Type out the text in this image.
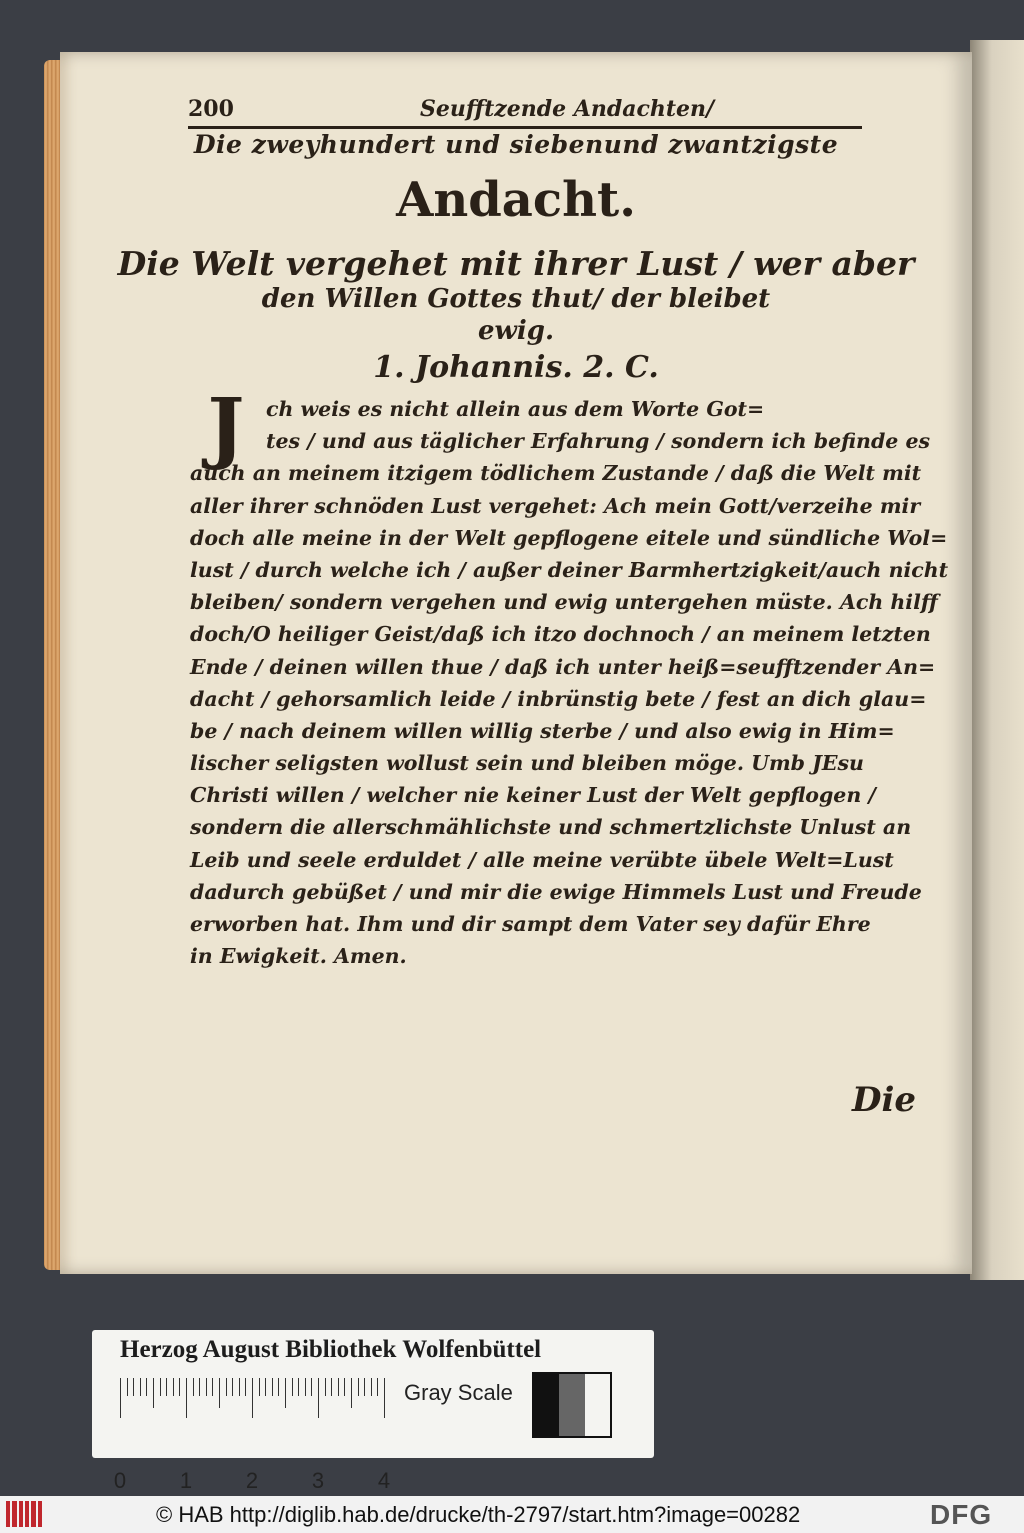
200	Seufftzende Andachten/
Die zweyhundert und siebenund zwantzigste
Andacht.
Die Welt vergehet mit ihrer Lust / wer aber
den Willen Gottes thut/ der bleibet
ewig.
1. Johannis. 2. C.
J	ch weis es nicht allein aus dem Worte Got=
tes / und aus täglicher Erfahrung / sondern ich befinde es
auch an meinem itzigem tödlichem Zustande / daß die Welt mit
aller ihrer schnöden Lust vergehet: Ach mein Gott/verzeihe mir
doch alle meine in der Welt gepflogene eitele und sündliche Wol=
lust / durch welche ich / außer deiner Barmhertzigkeit/auch nicht
bleiben/ sondern vergehen und ewig untergehen müste. Ach hilff
doch/O heiliger Geist/daß ich itzo dochnoch / an meinem letzten
Ende / deinen willen thue / daß ich unter heiß=seufftzender An=
dacht / gehorsamlich leide / inbrünstig bete / fest an dich glau=
be / nach deinem willen willig sterbe / und also ewig in Him=
lischer seligsten wollust sein und bleiben möge. Umb JEsu
Christi willen / welcher nie keiner Lust der Welt gepflogen /
sondern die allerschmählichste und schmertzlichste Unlust an
Leib und seele erduldet / alle meine verübte übele Welt=Lust
dadurch gebüßet / und mir die ewige Himmels Lust und Freude
erworben hat. Ihm und dir sampt dem Vater sey dafür Ehre
in Ewigkeit. Amen.
Die
Herzog August Bibliothek Wolfenbüttel
0 1 2 3 4
Gray Scale
© HAB http://diglib.hab.de/drucke/th-2797/start.htm?image=00282	DFG
